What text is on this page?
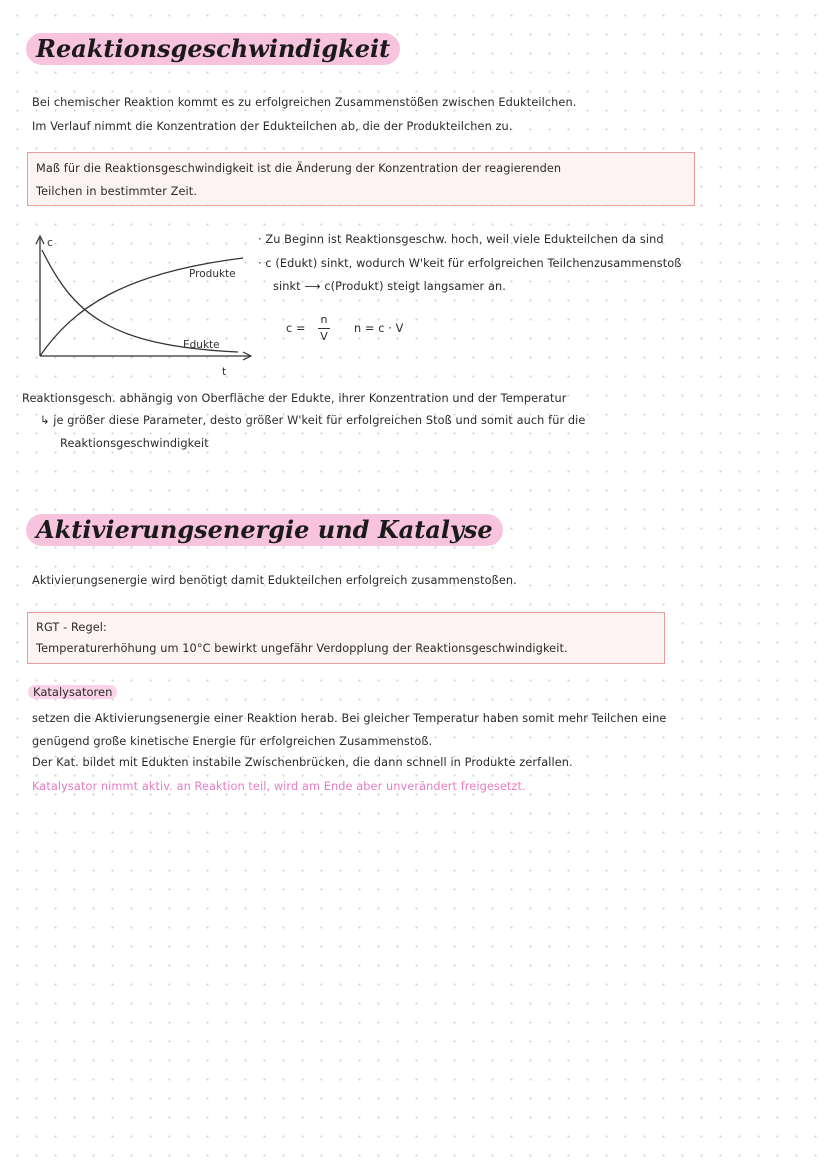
Reaktionsgeschwindigkeit
Bei chemischer Reaktion kommt es zu erfolgreichen Zusammenstößen zwischen Edukteilchen.
Im Verlauf nimmt die Konzentration der Edukteilchen ab, die der Produkteilchen zu.
Maß für die Reaktionsgeschwindigkeit ist die Änderung der Konzentration der reagierenden
Teilchen in bestimmter Zeit.
c
t
Produkte
Edukte
· Zu Beginn ist Reaktionsgeschw. hoch, weil viele Edukteilchen da sind
· c (Edukt) sinkt, wodurch W'keit für erfolgreichen Teilchenzusammenstoß
sinkt ⟶ c(Produkt) steigt langsamer an.
c =
n
V
n = c · V
Reaktionsgesch. abhängig von Oberfläche der Edukte, ihrer Konzentration und der Temperatur
↳ je größer diese Parameter, desto größer W'keit für erfolgreichen Stoß und somit auch für die
Reaktionsgeschwindigkeit
Aktivierungsenergie und Katalyse
Aktivierungsenergie wird benötigt damit Edukteilchen erfolgreich zusammenstoßen.
RGT - Regel:
Temperaturerhöhung um 10°C bewirkt ungefähr Verdopplung der Reaktionsgeschwindigkeit.
Katalysatoren
setzen die Aktivierungsenergie einer Reaktion herab. Bei gleicher Temperatur haben somit mehr Teilchen eine
genügend große kinetische Energie für erfolgreichen Zusammenstoß.
Der Kat. bildet mit Edukten instabile Zwischenbrücken, die dann schnell in Produkte zerfallen.
Katalysator nimmt aktiv. an Reaktion teil, wird am Ende aber unverändert freigesetzt.
